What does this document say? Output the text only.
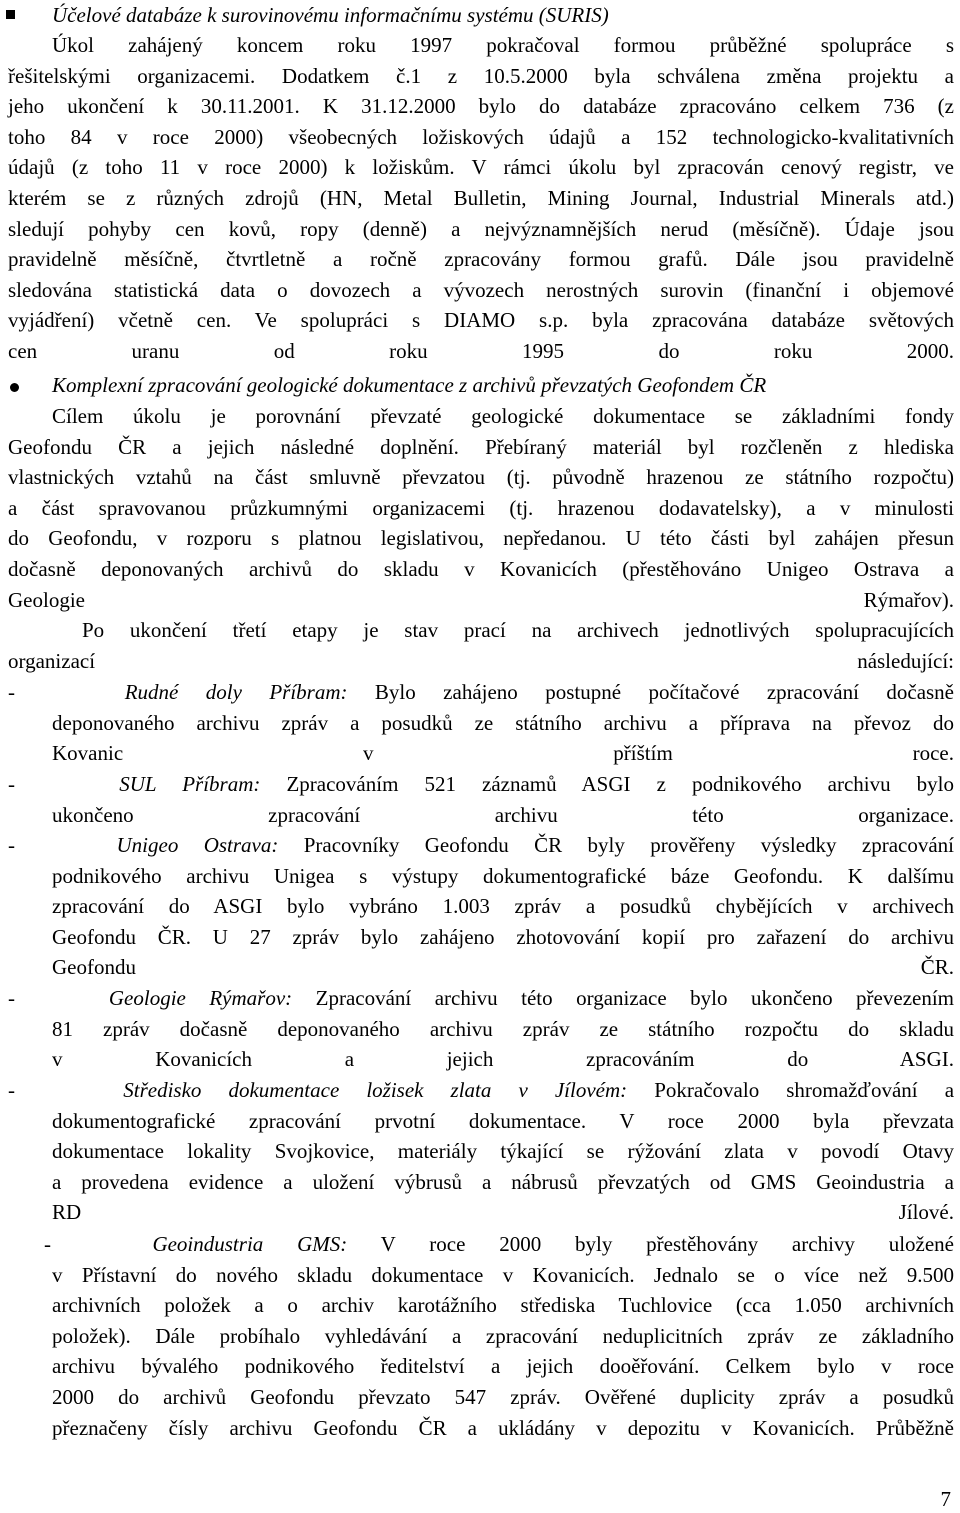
Účelové databáze k surovinovému informačnímu systému (SURIS)
Úkol zahájený koncem roku 1997 pokračoval formou průběžné spolupráce s
řešitelskými organizacemi. Dodatkem č.1 z 10.5.2000 byla schválena změna projektu a
jeho ukončení k 30.11.2001. K 31.12.2000 bylo do databáze zpracováno celkem 736 (z
toho 84 v roce 2000) všeobecných ložiskových údajů a 152 technologicko-kvalitativních
údajů (z toho 11 v roce 2000) k ložiskům. V rámci úkolu byl zpracován cenový registr, ve
kterém se z různých zdrojů (HN, Metal Bulletin, Mining Journal, Industrial Minerals atd.)
sledují pohyby cen kovů, ropy (denně) a nejvýznamnějších nerud (měsíčně). Údaje jsou
pravidelně měsíčně, čtvrtletně a ročně zpracovány formou grafů. Dále jsou pravidelně
sledována statistická data o dovozech a vývozech nerostných surovin (finanční i objemové
vyjádření) včetně cen. Ve spolupráci s DIAMO s.p. byla zpracována databáze světových
cen uranu od roku 1995 do roku 2000.
Komplexní zpracování geologické dokumentace z archivů převzatých Geofondem ČR
Cílem úkolu je porovnání převzaté geologické dokumentace se základními fondy
Geofondu ČR a jejich následné doplnění. Přebíraný materiál byl rozčleněn z hlediska
vlastnických vztahů na část smluvně převzatou (tj. původně hrazenou ze státního rozpočtu)
a část spravovanou průzkumnými organizacemi (tj. hrazenou dodavatelsky), a v minulosti
do Geofondu, v rozporu s platnou legislativou, nepředanou. U této části byl zahájen přesun
dočasně deponovaných archivů do skladu v Kovanicích (přestěhováno Unigeo Ostrava a
Geologie Rýmařov).
Po ukončení třetí etapy je stav prací na archivech jednotlivých spolupracujících
organizací následující:
-	Rudné doly Příbram: Bylo zahájeno postupné počítačové zpracování dočasně
deponovaného archivu zpráv a posudků ze státního archivu a příprava na převoz do
Kovanic v příštím roce.
-	SUL Příbram: Zpracováním 521 záznamů ASGI z podnikového archivu bylo
ukončeno zpracování archivu této organizace.
-	Unigeo Ostrava: Pracovníky Geofondu ČR byly prověřeny výsledky zpracování
podnikového archivu Unigea s výstupy dokumentografické báze Geofondu. K dalšímu
zpracování do ASGI bylo vybráno 1.003 zpráv a posudků chybějících v archivech
Geofondu ČR. U 27 zpráv bylo zahájeno zhotovování kopií pro zařazení do archivu
Geofondu ČR.
-	Geologie Rýmařov: Zpracování archivu této organizace bylo ukončeno převezením
81 zpráv dočasně deponovaného archivu zpráv ze státního rozpočtu do skladu
v Kovanicích a jejich zpracováním do ASGI.
-	Středisko dokumentace ložisek zlata v Jílovém: Pokračovalo shromažďování a
dokumentografické zpracování prvotní dokumentace. V roce 2000 byla převzata
dokumentace lokality Svojkovice, materiály týkající se rýžování zlata v povodí Otavy
a provedena evidence a uložení výbrusů a nábrusů převzatých od GMS Geoindustria a
RD Jílové.
-	Geoindustria GMS: V roce 2000 byly přestěhovány archivy uložené
v Přístavní do nového skladu dokumentace v Kovanicích. Jednalo se o více než 9.500
archivních položek a o archiv karotážního střediska Tuchlovice (cca 1.050 archivních
položek). Dále probíhalo vyhledávání a zpracování neduplicitních zpráv ze základního
archivu bývalého podnikového ředitelství a jejich dooěřování. Celkem bylo v roce
2000 do archivů Geofondu převzato 547 zpráv. Ověřené duplicity zpráv a posudků
přeznačeny čísly archivu Geofondu ČR a ukládány v depozitu v Kovanicích. Průběžně
7
